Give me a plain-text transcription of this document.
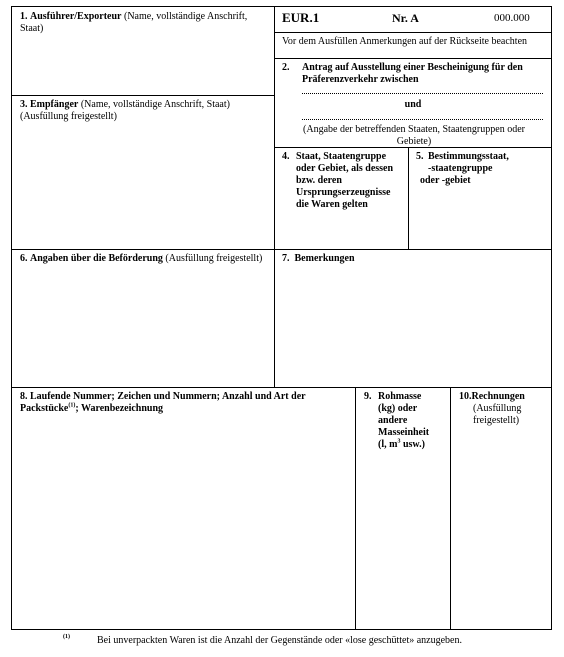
1. Ausführer/Exporteur (Name, vollständige Anschrift, Staat)
EUR.1	Nr. A	000.000
Vor dem Ausfüllen Anmerkungen auf der Rückseite beachten
2. Antrag auf Ausstellung einer Bescheinigung für den Präferenzverkehr zwischen
und
(Angabe der betreffenden Staaten, Staatengruppen oder Gebiete)
3. Empfänger (Name, vollständige Anschrift, Staat)
(Ausfüllung freigestellt)
4. Staat, Staatengruppe oder Gebiet, als dessen bzw. deren Ursprungserzeugnisse die Waren gelten
5. Bestimmungsstaat,
-staatengruppe
oder -gebiet
6. Angaben über die Beförderung (Ausfüllung freigestellt)	7. Bemerkungen
8. Laufende Nummer; Zeichen und Nummern; Anzahl und Art der Packstücke$^{(1)}$; Warenbezeichnung
9. Rohmasse
(kg) oder
andere
Masseinheit
(l, $m^3$ usw.)
10.Rechnungen
(Ausfüllung freigestellt)
(1)	Bei unverpackten Waren ist die Anzahl der Gegenstände oder «lose geschüttet» anzugeben.
